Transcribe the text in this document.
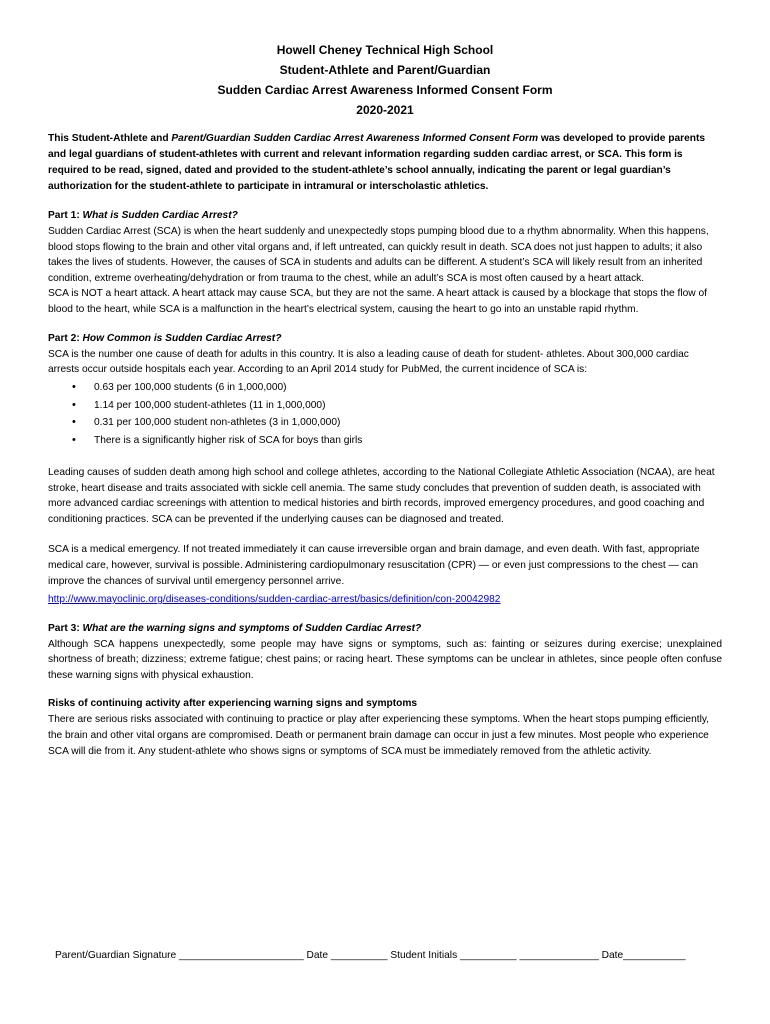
Howell Cheney Technical High School
Student-Athlete and Parent/Guardian
Sudden Cardiac Arrest Awareness Informed Consent Form
2020-2021
This Student-Athlete and Parent/Guardian Sudden Cardiac Arrest Awareness Informed Consent Form was developed to provide parents and legal guardians of student-athletes with current and relevant information regarding sudden cardiac arrest, or SCA. This form is required to be read, signed, dated and provided to the student-athlete’s school annually, indicating the parent or legal guardian’s authorization for the student-athlete to participate in intramural or interscholastic athletics.
Part 1: What is Sudden Cardiac Arrest?

Sudden Cardiac Arrest (SCA) is when the heart suddenly and unexpectedly stops pumping blood due to a rhythm abnormality. When this happens, blood stops flowing to the brain and other vital organs and, if left untreated, can quickly result in death. SCA does not just happen to adults; it also takes the lives of students. However, the causes of SCA in students and adults can be different. A student’s SCA will likely result from an inherited condition, extreme overheating/dehydration or from trauma to the chest, while an adult’s SCA is most often caused by a heart attack.

SCA is NOT a heart attack. A heart attack may cause SCA, but they are not the same. A heart attack is caused by a blockage that stops the flow of blood to the heart, while SCA is a malfunction in the heart’s electrical system, causing the heart to go into an unstable rapid rhythm.

Part 2: How Common is Sudden Cardiac Arrest?

SCA is the number one cause of death for adults in this country. It is also a leading cause of death for student- athletes. About 300,000 cardiac arrests occur outside hospitals each year. According to an April 2014 study for PubMed, the current incidence of SCA is:

• 0.63 per 100,000 students (6 in 1,000,000)
• 1.14 per 100,000 student-athletes (11 in 1,000,000)
• 0.31 per 100,000 student non-athletes (3 in 1,000,000)
• There is a significantly higher risk of SCA for boys than girls

Leading causes of sudden death among high school and college athletes, according to the National Collegiate Athletic Association (NCAA), are heat stroke, heart disease and traits associated with sickle cell anemia. The same study concludes that prevention of sudden death, is associated with more advanced cardiac screenings with attention to medical histories and birth records, improved emergency procedures, and good coaching and conditioning practices. SCA can be prevented if the underlying causes can be diagnosed and treated.

SCA is a medical emergency. If not treated immediately it can cause irreversible organ and brain damage, and even death. With fast, appropriate medical care, however, survival is possible. Administering cardiopulmonary resuscitation (CPR) — or even just compressions to the chest — can improve the chances of survival until emergency personnel arrive.

http://www.mayoclinic.org/diseases-conditions/sudden-cardiac-arrest/basics/definition/con-20042982
Part 3: What are the warning signs and symptoms of Sudden Cardiac Arrest?

Although SCA happens unexpectedly, some people may have signs or symptoms, such as: fainting or seizures during exercise; unexplained shortness of breath; dizziness; extreme fatigue; chest pains; or racing heart. These symptoms can be unclear in athletes, since people often confuse these warning signs with physical exhaustion.

Risks of continuing activity after experiencing warning signs and symptoms

There are serious risks associated with continuing to practice or play after experiencing these symptoms. When the heart stops pumping efficiently, the brain and other vital organs are compromised. Death or permanent brain damage can occur in just a few minutes. Most people who experience SCA will die from it. Any student-athlete who shows signs or symptoms of SCA must be immediately removed from the athletic activity.

Parent/Guardian Signature ______________________ Date __________ Student Initials __________ ______________ Date___________
